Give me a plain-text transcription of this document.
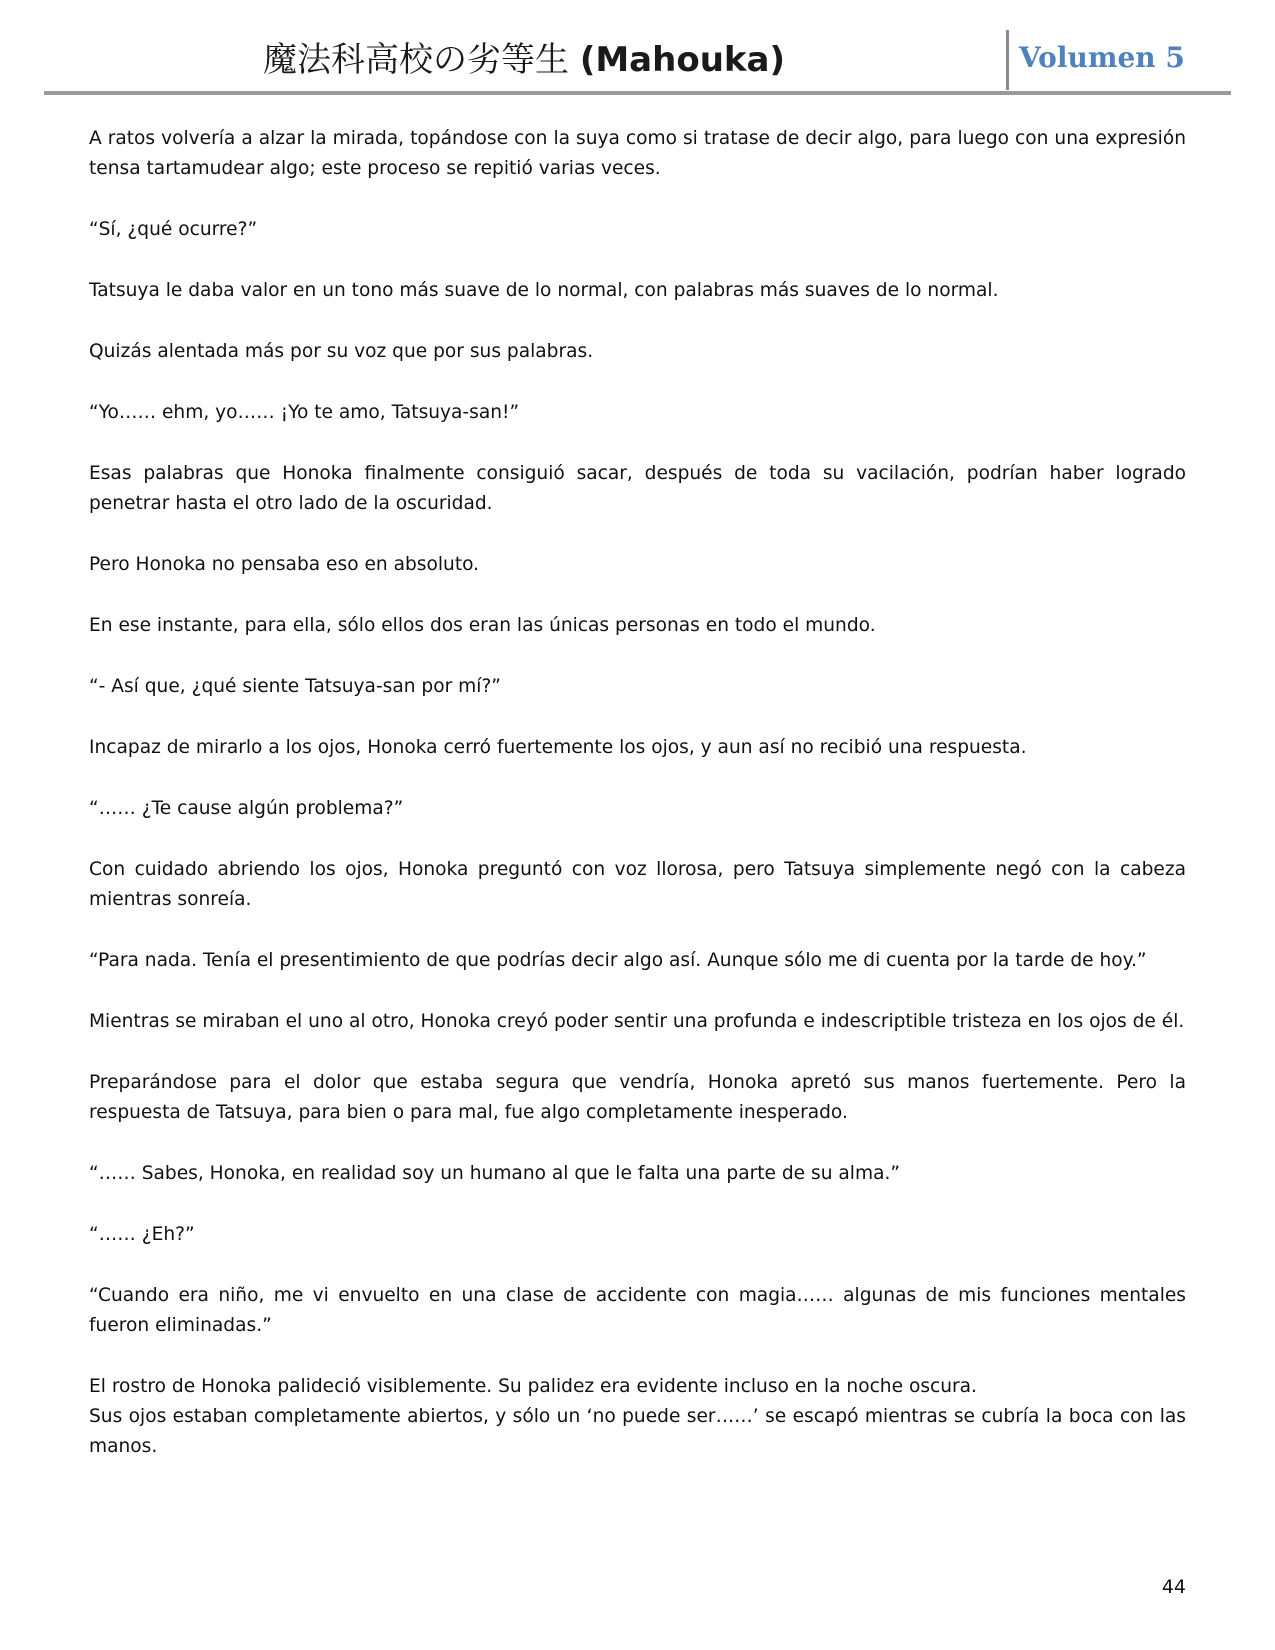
魔法科高校の劣等生 (Mahouka)	Volumen 5

A ratos volvería a alzar la mirada, topándose con la suya como si tratase de decir algo, para luego con una expresión tensa tartamudear algo; este proceso se repitió varias veces.

“Sí, ¿qué ocurre?”

Tatsuya le daba valor en un tono más suave de lo normal, con palabras más suaves de lo normal.

Quizás alentada más por su voz que por sus palabras.

“Yo…… ehm, yo…… ¡Yo te amo, Tatsuya-san!”

Esas palabras que Honoka finalmente consiguió sacar, después de toda su vacilación, podrían haber logrado penetrar hasta el otro lado de la oscuridad.

Pero Honoka no pensaba eso en absoluto.

En ese instante, para ella, sólo ellos dos eran las únicas personas en todo el mundo.

“- Así que, ¿qué siente Tatsuya-san por mí?”

Incapaz de mirarlo a los ojos, Honoka cerró fuertemente los ojos, y aun así no recibió una respuesta.

“…… ¿Te cause algún problema?”

Con cuidado abriendo los ojos, Honoka preguntó con voz llorosa, pero Tatsuya simplemente negó con la cabeza mientras sonreía.

“Para nada. Tenía el presentimiento de que podrías decir algo así. Aunque sólo me di cuenta por la tarde de hoy.”

Mientras se miraban el uno al otro, Honoka creyó poder sentir una profunda e indescriptible tristeza en los ojos de él.

Preparándose para el dolor que estaba segura que vendría, Honoka apretó sus manos fuertemente. Pero la respuesta de Tatsuya, para bien o para mal, fue algo completamente inesperado.

“…… Sabes, Honoka, en realidad soy un humano al que le falta una parte de su alma.”

“…… ¿Eh?”

“Cuando era niño, me vi envuelto en una clase de accidente con magia…… algunas de mis funciones mentales fueron eliminadas.”

El rostro de Honoka palideció visiblemente. Su palidez era evidente incluso en la noche oscura.

Sus ojos estaban completamente abiertos, y sólo un ‘no puede ser……’ se escapó mientras se cubría la boca con las manos.

44
